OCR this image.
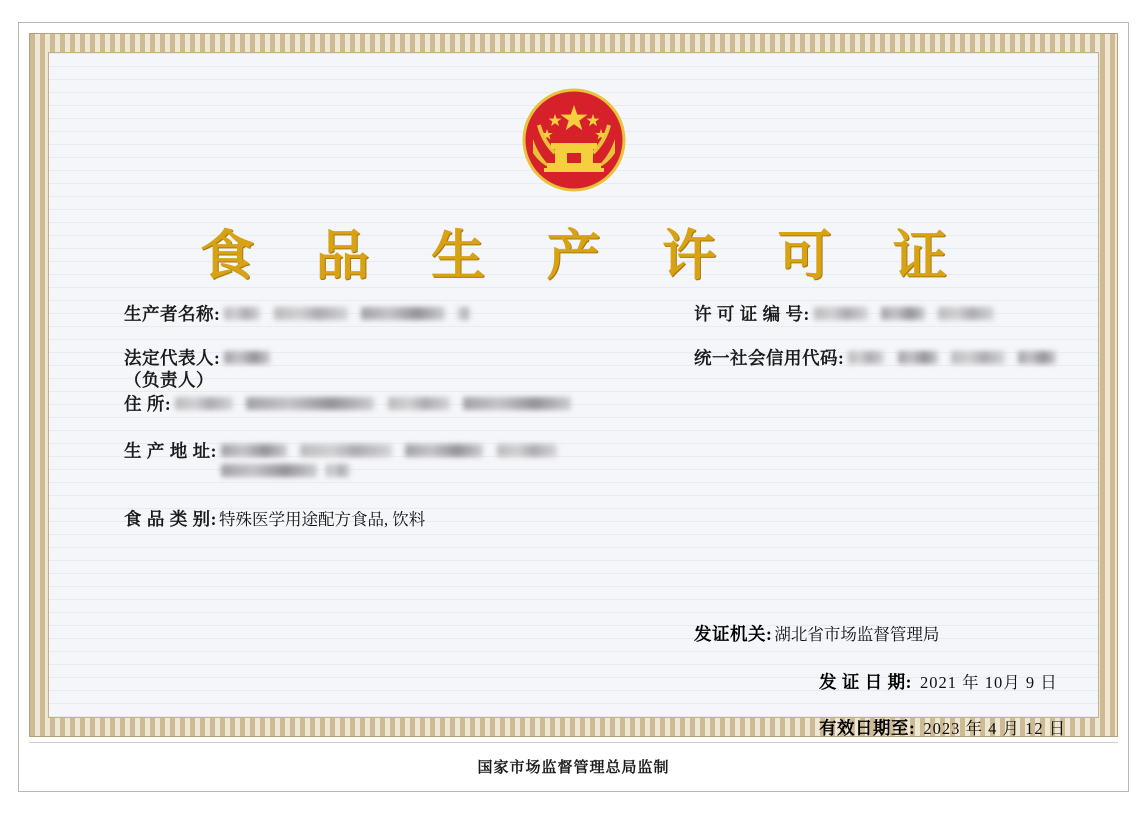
食 品 生 产 许 可 证
生产者名称:

法定代表人:
（负责人）
住 所:

生 产 地 址:

食 品 类 别: 特殊医学用途配方食品, 饮料
许 可 证 编 号:

统一社会信用代码:

发证机关: 湖北省市场监督管理局
发 证 日 期: 2021 年 10月 9 日
有效日期至: 2023 年 4 月 12 日
国家市场监督管理总局监制
